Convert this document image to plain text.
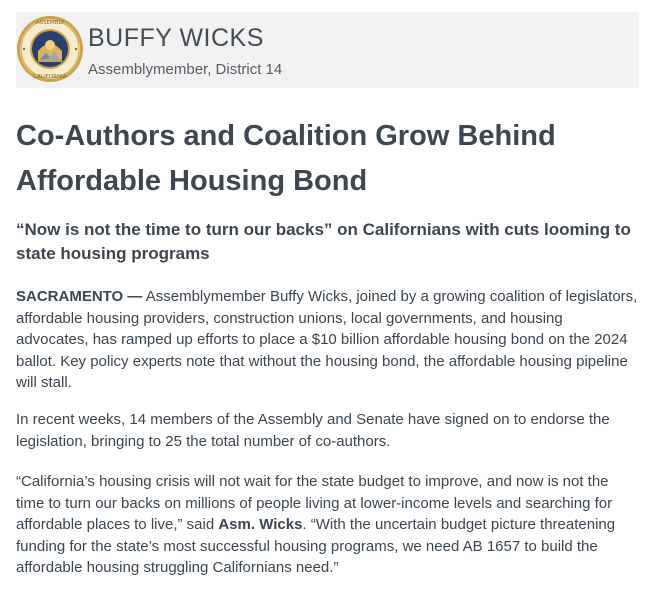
ASSEMBLY
CALIFORNIA
BUFFY WICKS
Assemblymember, District 14
Co-Authors and Coalition Grow Behind Affordable Housing Bond
“Now is not the time to turn our backs” on Californians with cuts looming to state housing programs

SACRAMENTO — Assemblymember Buffy Wicks, joined by a growing coalition of legislators, affordable housing providers, construction unions, local governments, and housing advocates, has ramped up efforts to place a $10 billion affordable housing bond on the 2024 ballot. Key policy experts note that without the housing bond, the affordable housing pipeline will stall.

In recent weeks, 14 members of the Assembly and Senate have signed on to endorse the legislation, bringing to 25 the total number of co-authors.

“California’s housing crisis will not wait for the state budget to improve, and now is not the time to turn our backs on millions of people living at lower-income levels and searching for affordable places to live,” said Asm. Wicks. “With the uncertain budget picture threatening funding for the state’s most successful housing programs, we need AB 1657 to build the affordable housing struggling Californians need.”
